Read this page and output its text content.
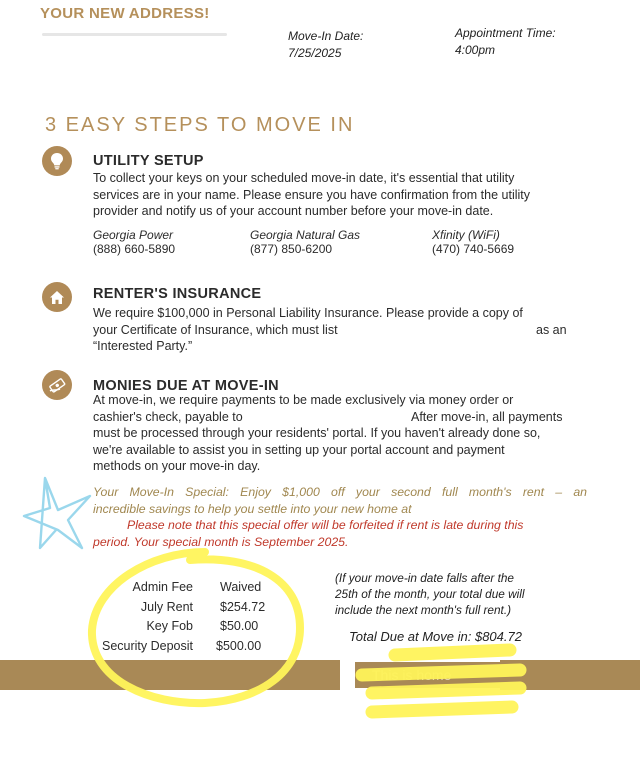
YOUR NEW ADDRESS!
Move-In Date:
7/25/2025
Appointment Time:
4:00pm
3 EASY STEPS TO MOVE IN
UTILITY SETUP
To collect your keys on your scheduled move-in date, it's essential that utility
services are in your name. Please ensure you have confirmation from the utility
provider and notify us of your account number before your move-in date.
Georgia Power
(888) 660-5890
Georgia Natural Gas
(877) 850-6200
Xfinity (WiFi)
(470) 740-5669
RENTER'S INSURANCE
We require $100,000 in Personal Liability Insurance. Please provide a copy of
your Certificate of Insurance, which must list	as an
“Interested Party.”
MONIES DUE AT MOVE-IN
At move-in, we require payments to be made exclusively via money order or
cashier's check, payable to	After move-in, all payments
must be processed through your residents' portal. If you haven't already done so,
we're available to assist you in setting up your portal account and payment
methods on your move-in day.
Your Move-In Special: Enjoy $1,000 off your second full month's rent – an
incredible savings to help you settle into your new home at
Please note that this special offer will be forfeited if rent is late during this
period. Your special month is September 2025.
Admin Fee Waived
July Rent $254.72
Key Fob $50.00
Security Deposit $500.00
(If your move-in date falls after the
25th of the month, your total due will
include the next month's full rent.)
Total Due at Move in: $804.72
This is home
